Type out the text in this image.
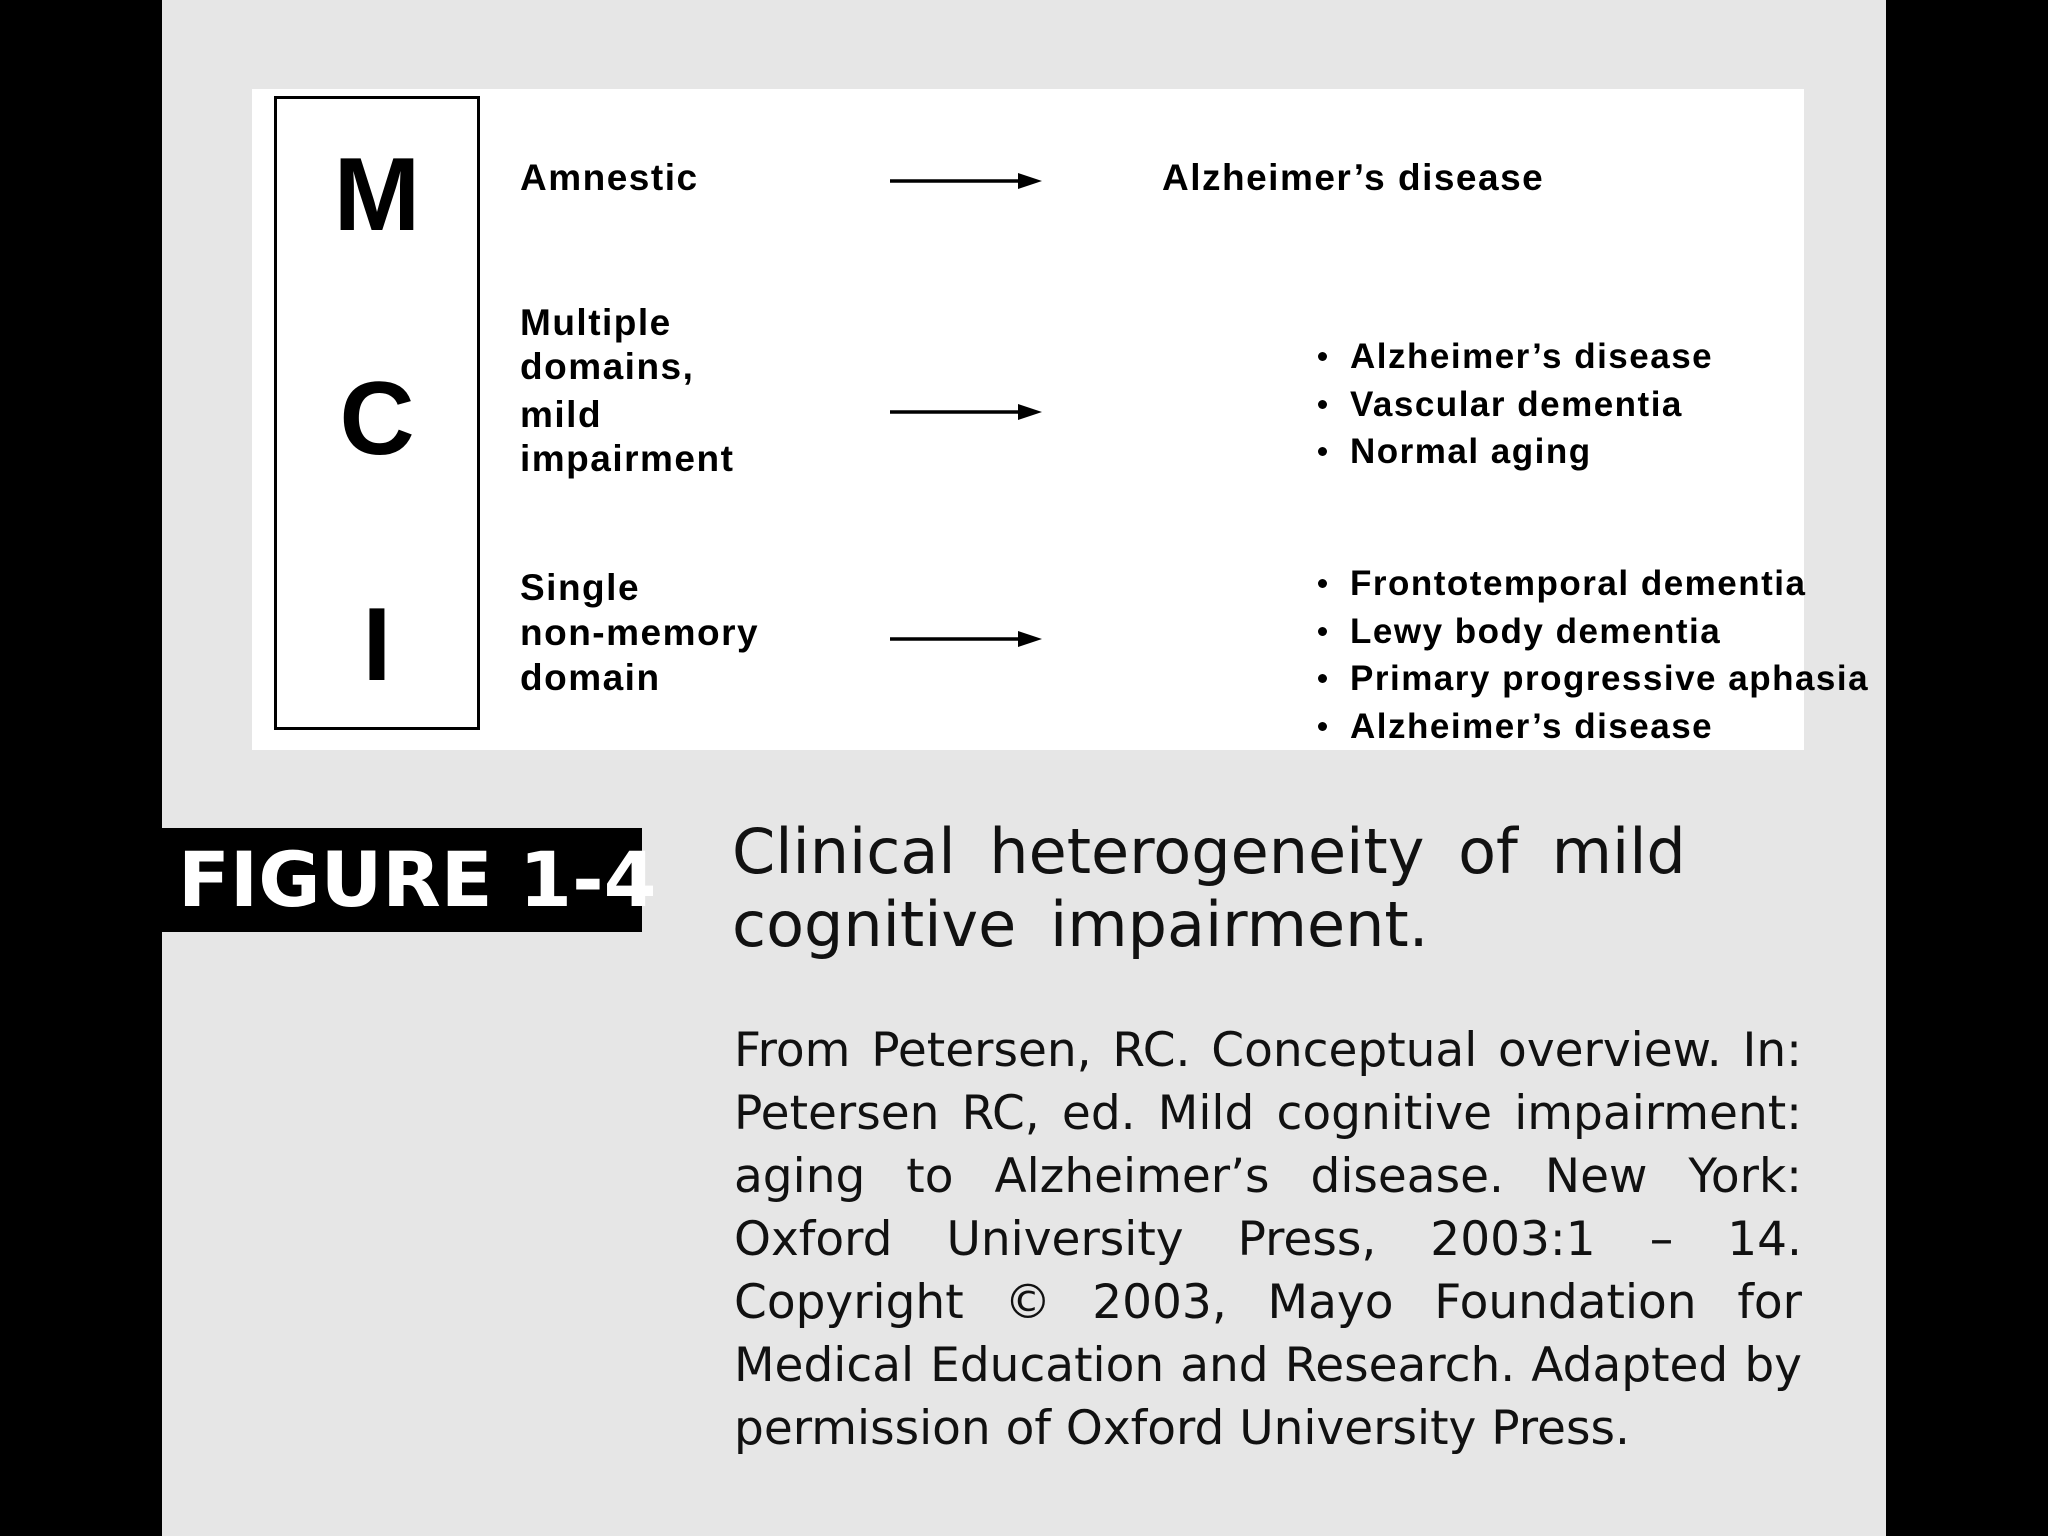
M
C
I

Amnestic	Alzheimer’s disease

Multiple
domains,
mild
impairment

Alzheimer’s disease
Vascular dementia
Normal aging

Single
non-memory
domain

Frontotemporal dementia
Lewy body dementia
Primary progressive aphasia
Alzheimer’s disease
FIGURE 1-4 Clinical heterogeneity of mild cognitive impairment.

From Petersen, RC. Conceptual overview. In: Petersen RC, ed. Mild cognitive impairment: aging to Alzheimer’s disease. New York: Oxford University Press, 2003:1 – 14. Copyright © 2003, Mayo Foundation for Medical Education and Research. Adapted by permission of Oxford University Press.
